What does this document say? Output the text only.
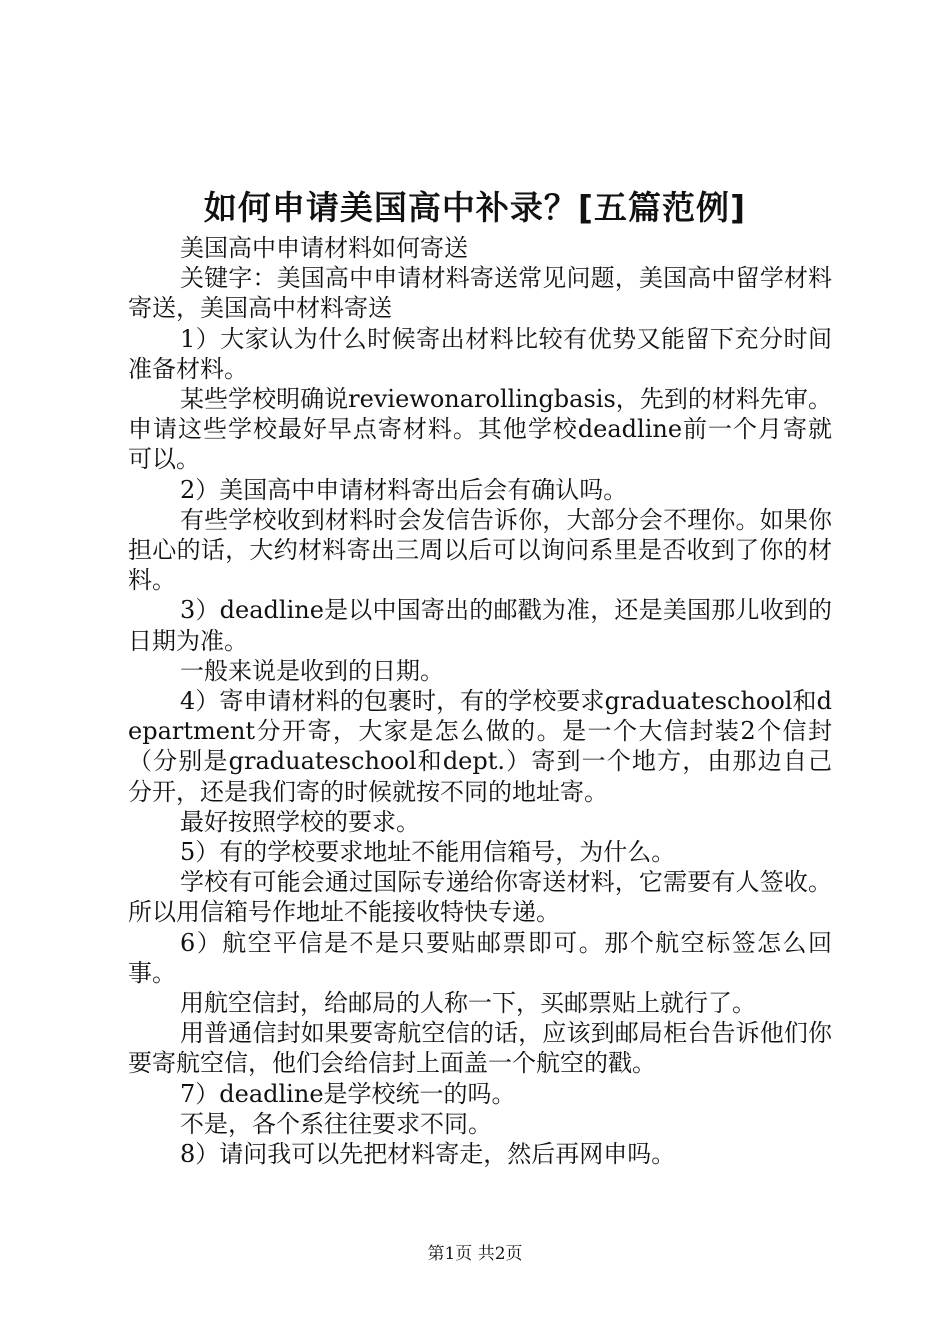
如何申请美国高中补录？[五篇范例]

美国高中申请材料如何寄送

关键字：美国高中申请材料寄送常见问题，美国高中留学材料寄送，美国高中材料寄送

1）大家认为什么时候寄出材料比较有优势又能留下充分时间准备材料。

某些学校明确说reviewonarollingbasis，先到的材料先审。申请这些学校最好早点寄材料。其他学校deadline前一个月寄就可以。

2）美国高中申请材料寄出后会有确认吗。

有些学校收到材料时会发信告诉你，大部分会不理你。如果你担心的话，大约材料寄出三周以后可以询问系里是否收到了你的材料。

3）deadline是以中国寄出的邮戳为准，还是美国那儿收到的日期为准。

一般来说是收到的日期。

4）寄申请材料的包裹时，有的学校要求graduateschool和department分开寄，大家是怎么做的。是一个大信封装2个信封（分别是graduateschool和dept.）寄到一个地方，由那边自己分开，还是我们寄的时候就按不同的地址寄。

最好按照学校的要求。

5）有的学校要求地址不能用信箱号，为什么。

学校有可能会通过国际专递给你寄送材料，它需要有人签收。所以用信箱号作地址不能接收特快专递。

6）航空平信是不是只要贴邮票即可。那个航空标签怎么回事。

用航空信封，给邮局的人称一下，买邮票贴上就行了。

用普通信封如果要寄航空信的话，应该到邮局柜台告诉他们你要寄航空信，他们会给信封上面盖一个航空的戳。

7）deadline是学校统一的吗。

不是，各个系往往要求不同。

8）请问我可以先把材料寄走，然后再网申吗。

第1页 共2页
